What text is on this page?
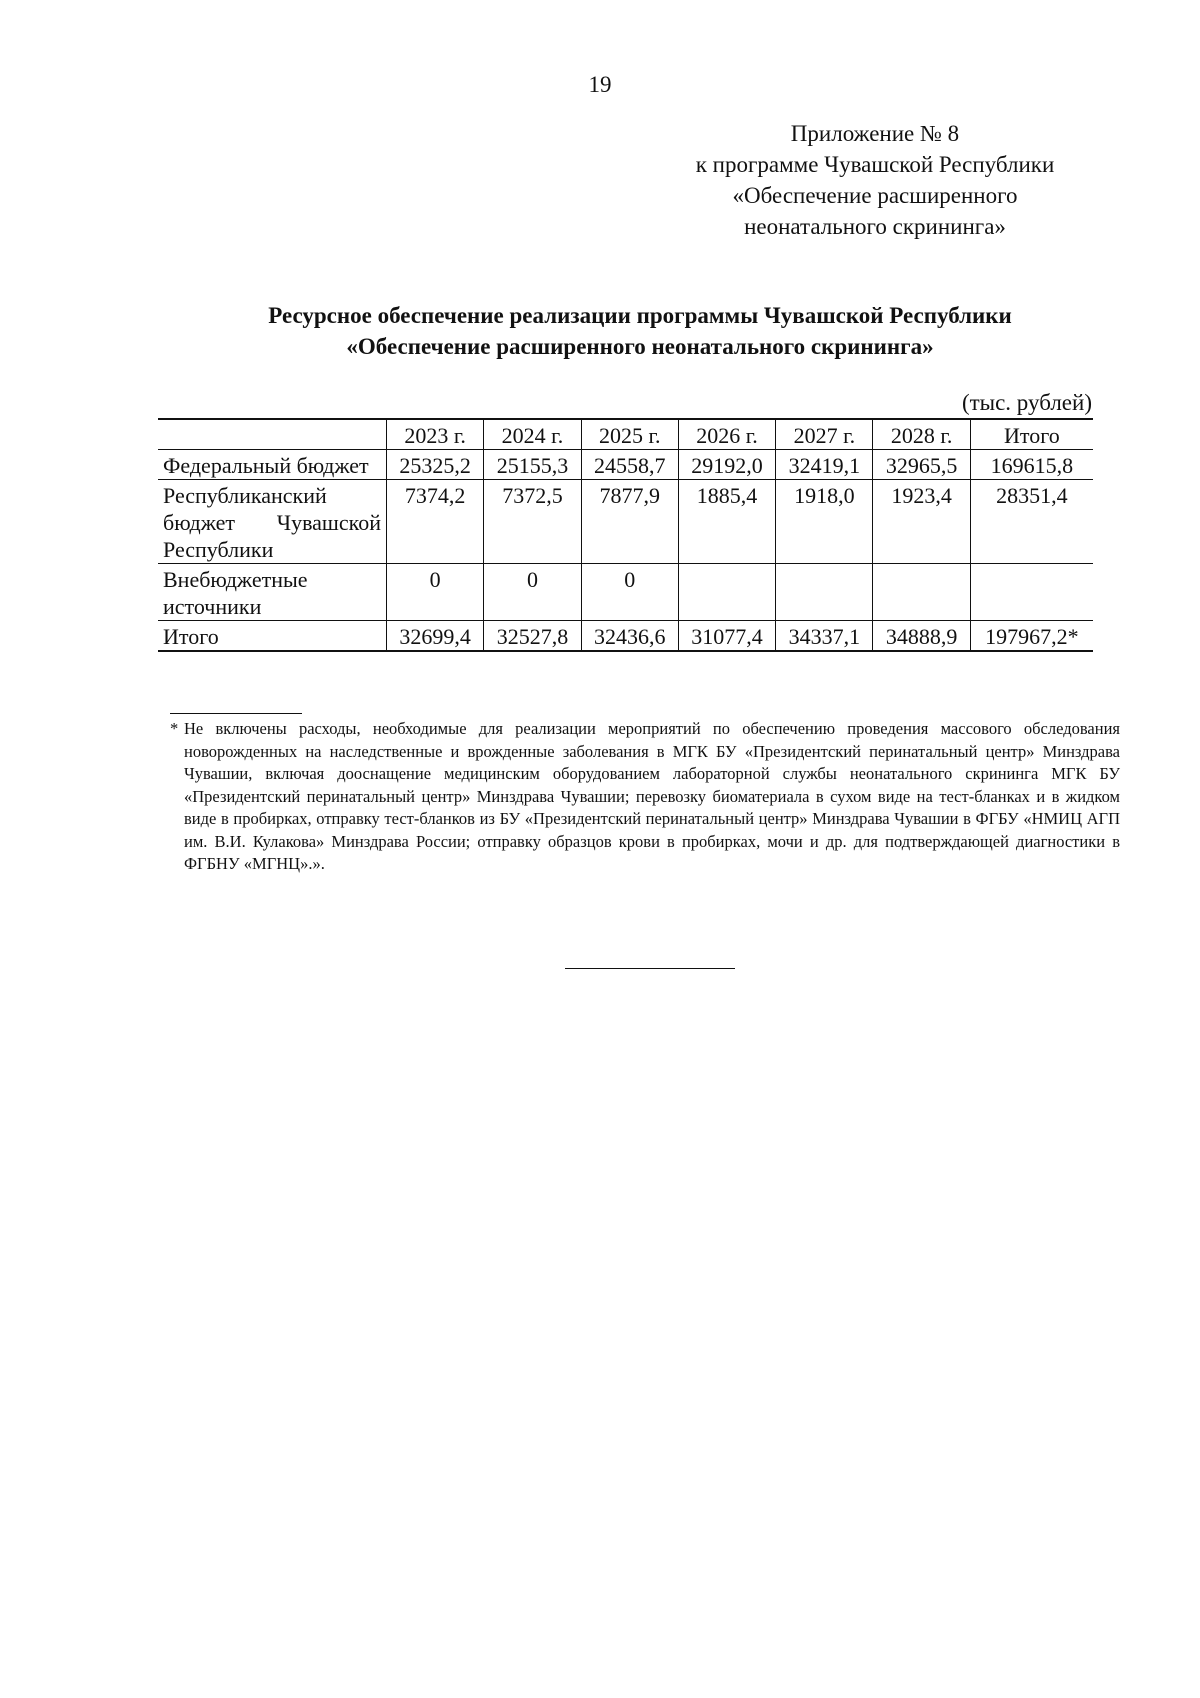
19
Приложение № 8
к программе Чувашской Республики
«Обеспечение расширенного
неонатального скрининга»
Ресурсное обеспечение реализации программы Чувашской Республики
«Обеспечение расширенного неонатального скрининга»
(тыс. рублей)
	2023 г.	2024 г.	2025 г.	2026 г.	2027 г.	2028 г.	Итого
Федеральный бюджет	25325,2	25155,3	24558,7	29192,0	32419,1	32965,5	169615,8
Республиканский бюджет Чувашской Республики	7374,2	7372,5	7877,9	1885,4	1918,0	1923,4	28351,4
Внебюджетные источники	0	0	0				
Итого	32699,4	32527,8	32436,6	31077,4	34337,1	34888,9	197967,2*
* Не включены расходы, необходимые для реализации мероприятий по обеспечению проведения массового обследования новорожденных на наследственные и врожденные заболевания в МГК БУ «Президентский перинатальный центр» Минздрава Чувашии, включая дооснащение медицинским оборудованием лабораторной службы неонатального скрининга МГК БУ «Президентский перинатальный центр» Минздрава Чувашии; перевозку биоматериала в сухом виде на тест-бланках и в жидком виде в пробирках, отправку тест-бланков из БУ «Президентский перинатальный центр» Минздрава Чувашии в ФГБУ «НМИЦ АГП им. В.И. Кулакова» Минздрава России; отправку образцов крови в пробирках, мочи и др. для подтверждающей диагностики в ФГБНУ «МГНЦ».».
